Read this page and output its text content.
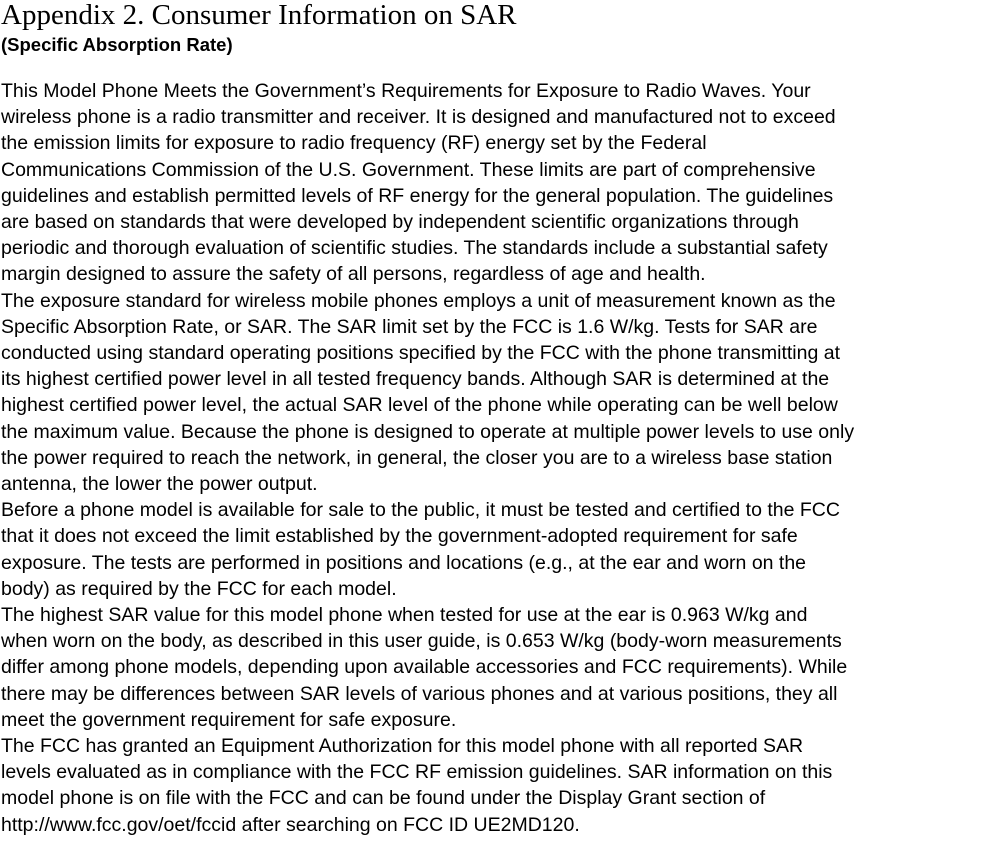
Appendix 2. Consumer Information on SAR
(Specific Absorption Rate)

This Model Phone Meets the Government’s Requirements for Exposure to Radio Waves. Your
wireless phone is a radio transmitter and receiver. It is designed and manufactured not to exceed
the emission limits for exposure to radio frequency (RF) energy set by the Federal
Communications Commission of the U.S. Government. These limits are part of comprehensive
guidelines and establish permitted levels of RF energy for the general population. The guidelines
are based on standards that were developed by independent scientific organizations through
periodic and thorough evaluation of scientific studies. The standards include a substantial safety
margin designed to assure the safety of all persons, regardless of age and health.

The exposure standard for wireless mobile phones employs a unit of measurement known as the
Specific Absorption Rate, or SAR. The SAR limit set by the FCC is 1.6 W/kg. Tests for SAR are
conducted using standard operating positions specified by the FCC with the phone transmitting at
its highest certified power level in all tested frequency bands. Although SAR is determined at the
highest certified power level, the actual SAR level of the phone while operating can be well below
the maximum value. Because the phone is designed to operate at multiple power levels to use only
the power required to reach the network, in general, the closer you are to a wireless base station
antenna, the lower the power output.

Before a phone model is available for sale to the public, it must be tested and certified to the FCC
that it does not exceed the limit established by the government-adopted requirement for safe
exposure. The tests are performed in positions and locations (e.g., at the ear and worn on the
body) as required by the FCC for each model.

The highest SAR value for this model phone when tested for use at the ear is 0.963 W/kg and
when worn on the body, as described in this user guide, is 0.653 W/kg (body-worn measurements
differ among phone models, depending upon available accessories and FCC requirements). While
there may be differences between SAR levels of various phones and at various positions, they all
meet the government requirement for safe exposure.

The FCC has granted an Equipment Authorization for this model phone with all reported SAR
levels evaluated as in compliance with the FCC RF emission guidelines. SAR information on this
model phone is on file with the FCC and can be found under the Display Grant section of
http://www.fcc.gov/oet/fccid after searching on FCC ID UE2MD120.
